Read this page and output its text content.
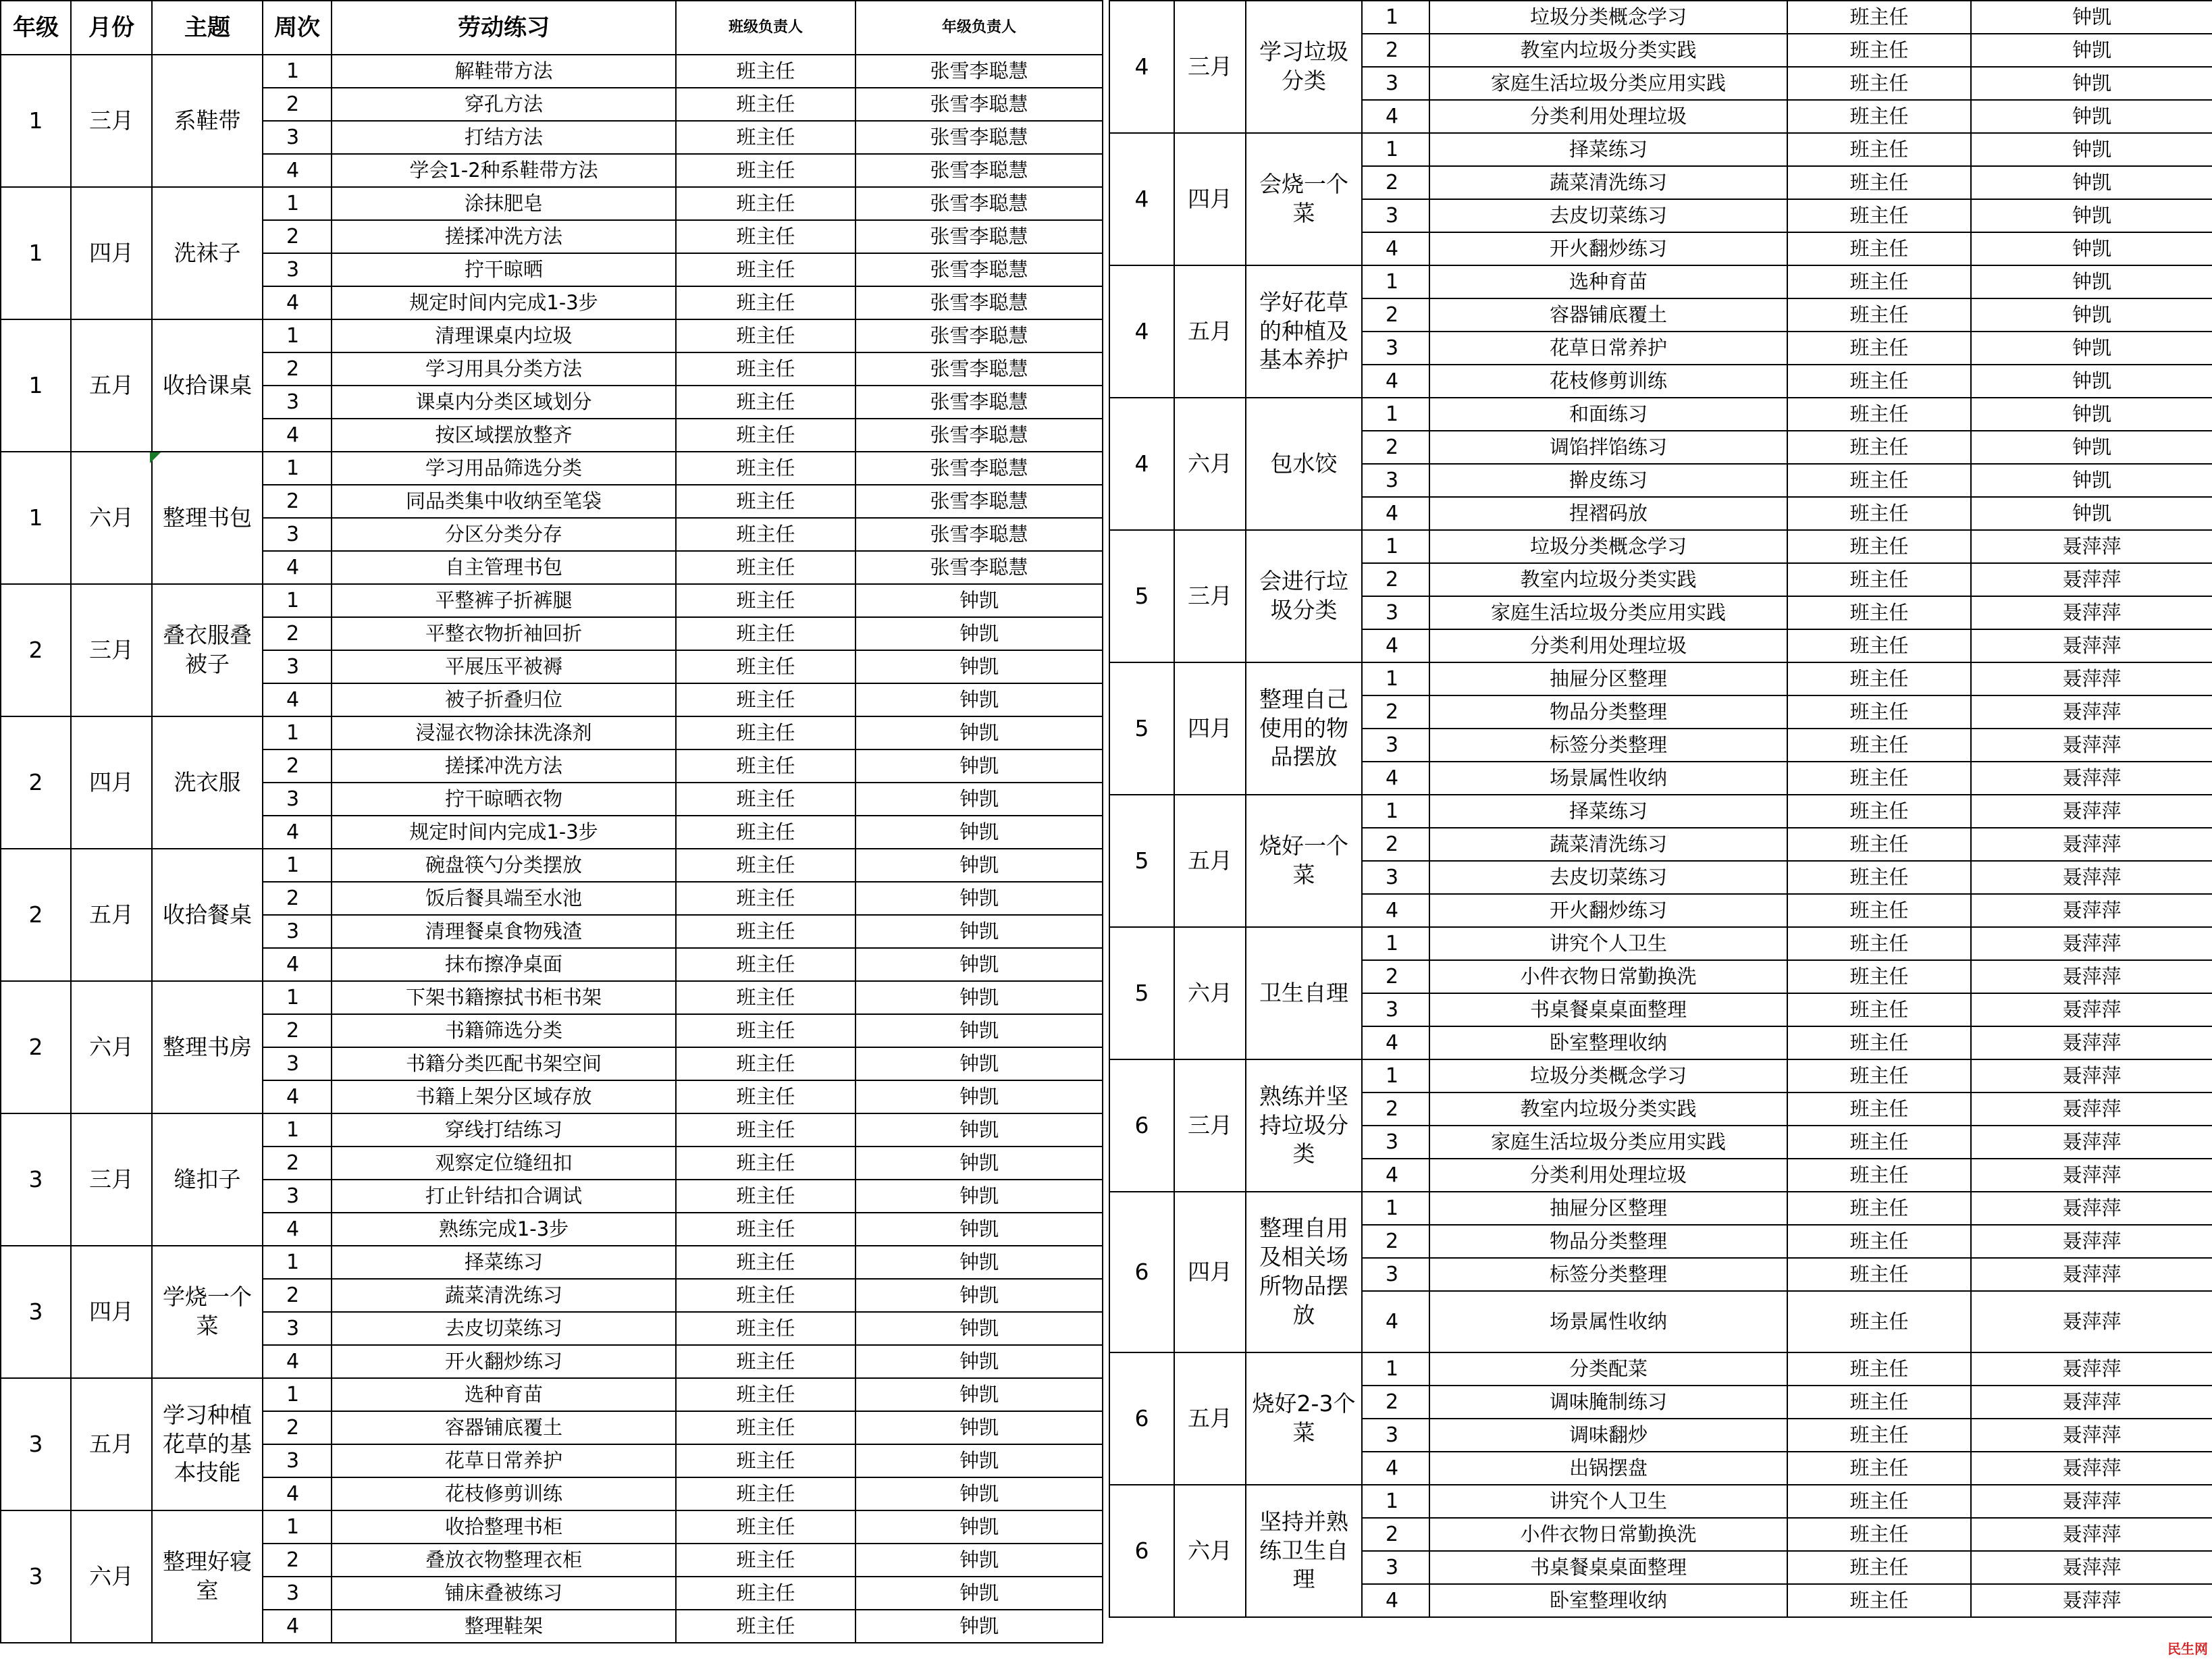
年级	月份	主题	周次	劳动练习	班级负责人	年级负责人
1	三月	系鞋带	1	解鞋带方法	班主任	张雪李聪慧
			2	穿孔方法	班主任	张雪李聪慧
			3	打结方法	班主任	张雪李聪慧
			4	学会1-2种系鞋带方法	班主任	张雪李聪慧
1	四月	洗袜子	1	涂抹肥皂	班主任	张雪李聪慧
			2	搓揉冲洗方法	班主任	张雪李聪慧
			3	拧干晾晒	班主任	张雪李聪慧
			4	规定时间内完成1-3步	班主任	张雪李聪慧
1	五月	收拾课桌	1	清理课桌内垃圾	班主任	张雪李聪慧
			2	学习用具分类方法	班主任	张雪李聪慧
			3	课桌内分类区域划分	班主任	张雪李聪慧
			4	按区域摆放整齐	班主任	张雪李聪慧
1	六月	整理书包	1	学习用品筛选分类	班主任	张雪李聪慧
			2	同品类集中收纳至笔袋	班主任	张雪李聪慧
			3	分区分类分存	班主任	张雪李聪慧
			4	自主管理书包	班主任	张雪李聪慧
2	三月	叠衣服叠被子	1	平整裤子折裤腿	班主任	钟凯
			2	平整衣物折袖回折	班主任	钟凯
			3	平展压平被褥	班主任	钟凯
			4	被子折叠归位	班主任	钟凯
2	四月	洗衣服	1	浸湿衣物涂抹洗涤剂	班主任	钟凯
			2	搓揉冲洗方法	班主任	钟凯
			3	拧干晾晒衣物	班主任	钟凯
			4	规定时间内完成1-3步	班主任	钟凯
2	五月	收拾餐桌	1	碗盘筷勺分类摆放	班主任	钟凯
			2	饭后餐具端至水池	班主任	钟凯
			3	清理餐桌食物残渣	班主任	钟凯
			4	抹布擦净桌面	班主任	钟凯
2	六月	整理书房	1	下架书籍擦拭书柜书架	班主任	钟凯
			2	书籍筛选分类	班主任	钟凯
			3	书籍分类匹配书架空间	班主任	钟凯
			4	书籍上架分区域存放	班主任	钟凯
3	三月	缝扣子	1	穿线打结练习	班主任	钟凯
			2	观察定位缝纽扣	班主任	钟凯
			3	打止针结扣合调试	班主任	钟凯
			4	熟练完成1-3步	班主任	钟凯
3	四月	学烧一个菜	1	择菜练习	班主任	钟凯
			2	蔬菜清洗练习	班主任	钟凯
			3	去皮切菜练习	班主任	钟凯
			4	开火翻炒练习	班主任	钟凯
3	五月	学习种植花草的基本技能	1	选种育苗	班主任	钟凯
			2	容器铺底覆土	班主任	钟凯
			3	花草日常养护	班主任	钟凯
			4	花枝修剪训练	班主任	钟凯
3	六月	整理好寝室	1	收拾整理书柜	班主任	钟凯
			2	叠放衣物整理衣柜	班主任	钟凯
			3	铺床叠被练习	班主任	钟凯
			4	整理鞋架	班主任	钟凯
4	三月	学习垃圾分类	1	垃圾分类概念学习	班主任	钟凯
			2	教室内垃圾分类实践	班主任	钟凯
			3	家庭生活垃圾分类应用实践	班主任	钟凯
			4	分类利用处理垃圾	班主任	钟凯
4	四月	会烧一个菜	1	择菜练习	班主任	钟凯
			2	蔬菜清洗练习	班主任	钟凯
			3	去皮切菜练习	班主任	钟凯
			4	开火翻炒练习	班主任	钟凯
4	五月	学好花草的种植及基本养护	1	选种育苗	班主任	钟凯
			2	容器铺底覆土	班主任	钟凯
			3	花草日常养护	班主任	钟凯
			4	花枝修剪训练	班主任	钟凯
4	六月	包水饺	1	和面练习	班主任	钟凯
			2	调馅拌馅练习	班主任	钟凯
			3	擀皮练习	班主任	钟凯
			4	捏褶码放	班主任	钟凯
5	三月	会进行垃圾分类	1	垃圾分类概念学习	班主任	聂萍萍
			2	教室内垃圾分类实践	班主任	聂萍萍
			3	家庭生活垃圾分类应用实践	班主任	聂萍萍
			4	分类利用处理垃圾	班主任	聂萍萍
5	四月	整理自己使用的物品摆放	1	抽屉分区整理	班主任	聂萍萍
			2	物品分类整理	班主任	聂萍萍
			3	标签分类整理	班主任	聂萍萍
			4	场景属性收纳	班主任	聂萍萍
5	五月	烧好一个菜	1	择菜练习	班主任	聂萍萍
			2	蔬菜清洗练习	班主任	聂萍萍
			3	去皮切菜练习	班主任	聂萍萍
			4	开火翻炒练习	班主任	聂萍萍
5	六月	卫生自理	1	讲究个人卫生	班主任	聂萍萍
			2	小件衣物日常勤换洗	班主任	聂萍萍
			3	书桌餐桌桌面整理	班主任	聂萍萍
			4	卧室整理收纳	班主任	聂萍萍
6	三月	熟练并坚持垃圾分类	1	垃圾分类概念学习	班主任	聂萍萍
			2	教室内垃圾分类实践	班主任	聂萍萍
			3	家庭生活垃圾分类应用实践	班主任	聂萍萍
			4	分类利用处理垃圾	班主任	聂萍萍
6	四月	整理自用及相关场所物品摆放	1	抽屉分区整理	班主任	聂萍萍
			2	物品分类整理	班主任	聂萍萍
			3	标签分类整理	班主任	聂萍萍
			4	场景属性收纳	班主任	聂萍萍
6	五月	烧好2-3个菜	1	分类配菜	班主任	聂萍萍
			2	调味腌制练习	班主任	聂萍萍
			3	调味翻炒	班主任	聂萍萍
			4	出锅摆盘	班主任	聂萍萍
6	六月	坚持并熟练卫生自理	1	讲究个人卫生	班主任	聂萍萍
			2	小件衣物日常勤换洗	班主任	聂萍萍
			3	书桌餐桌桌面整理	班主任	聂萍萍
			4	卧室整理收纳	班主任	聂萍萍
民生网
